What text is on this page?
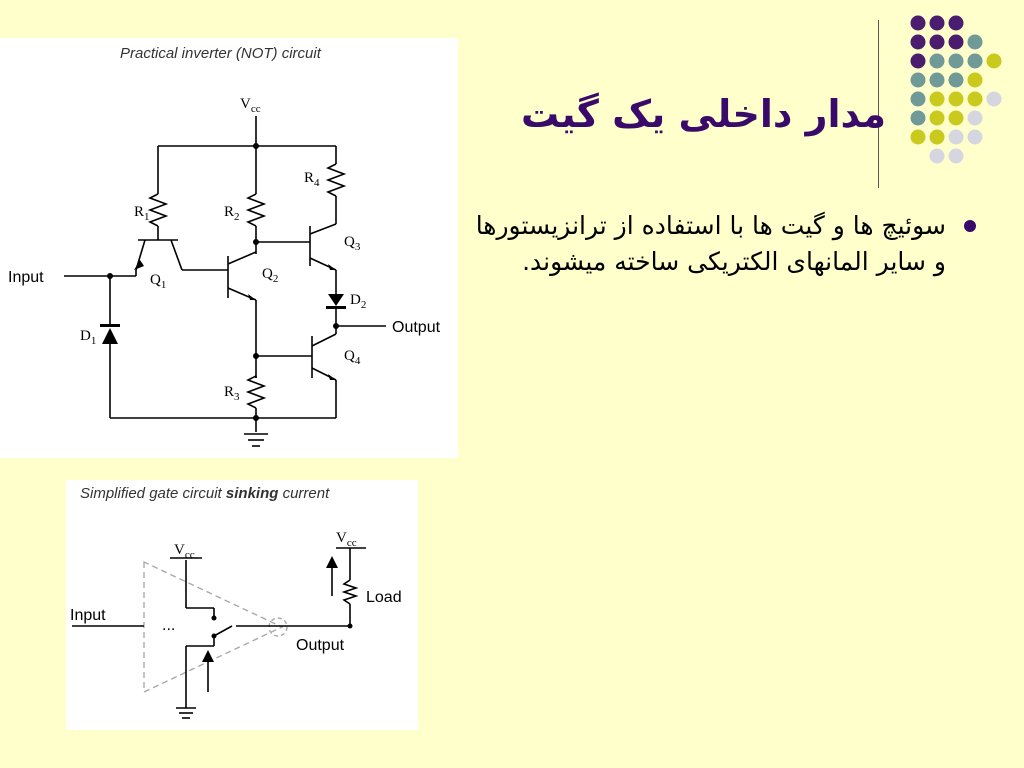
مدار داخلی یک گیت
سوئیچ ها و گیت ها با استفاده از ترانزیستورها و سایر المانهای الکتریکی ساخته میشوند.
Practical inverter (NOT) circuit
$V_{cc}$
Input
Output
$R_1$	$R_2$
$R_3$
$R_4$
$Q_1$
$Q_2$
$Q_3$
$Q_4$
$D_1$
$D_2$
Simplified gate circuit sinking current
Input
...
Output
Load
$V_{cc}$
$V_{cc}$
